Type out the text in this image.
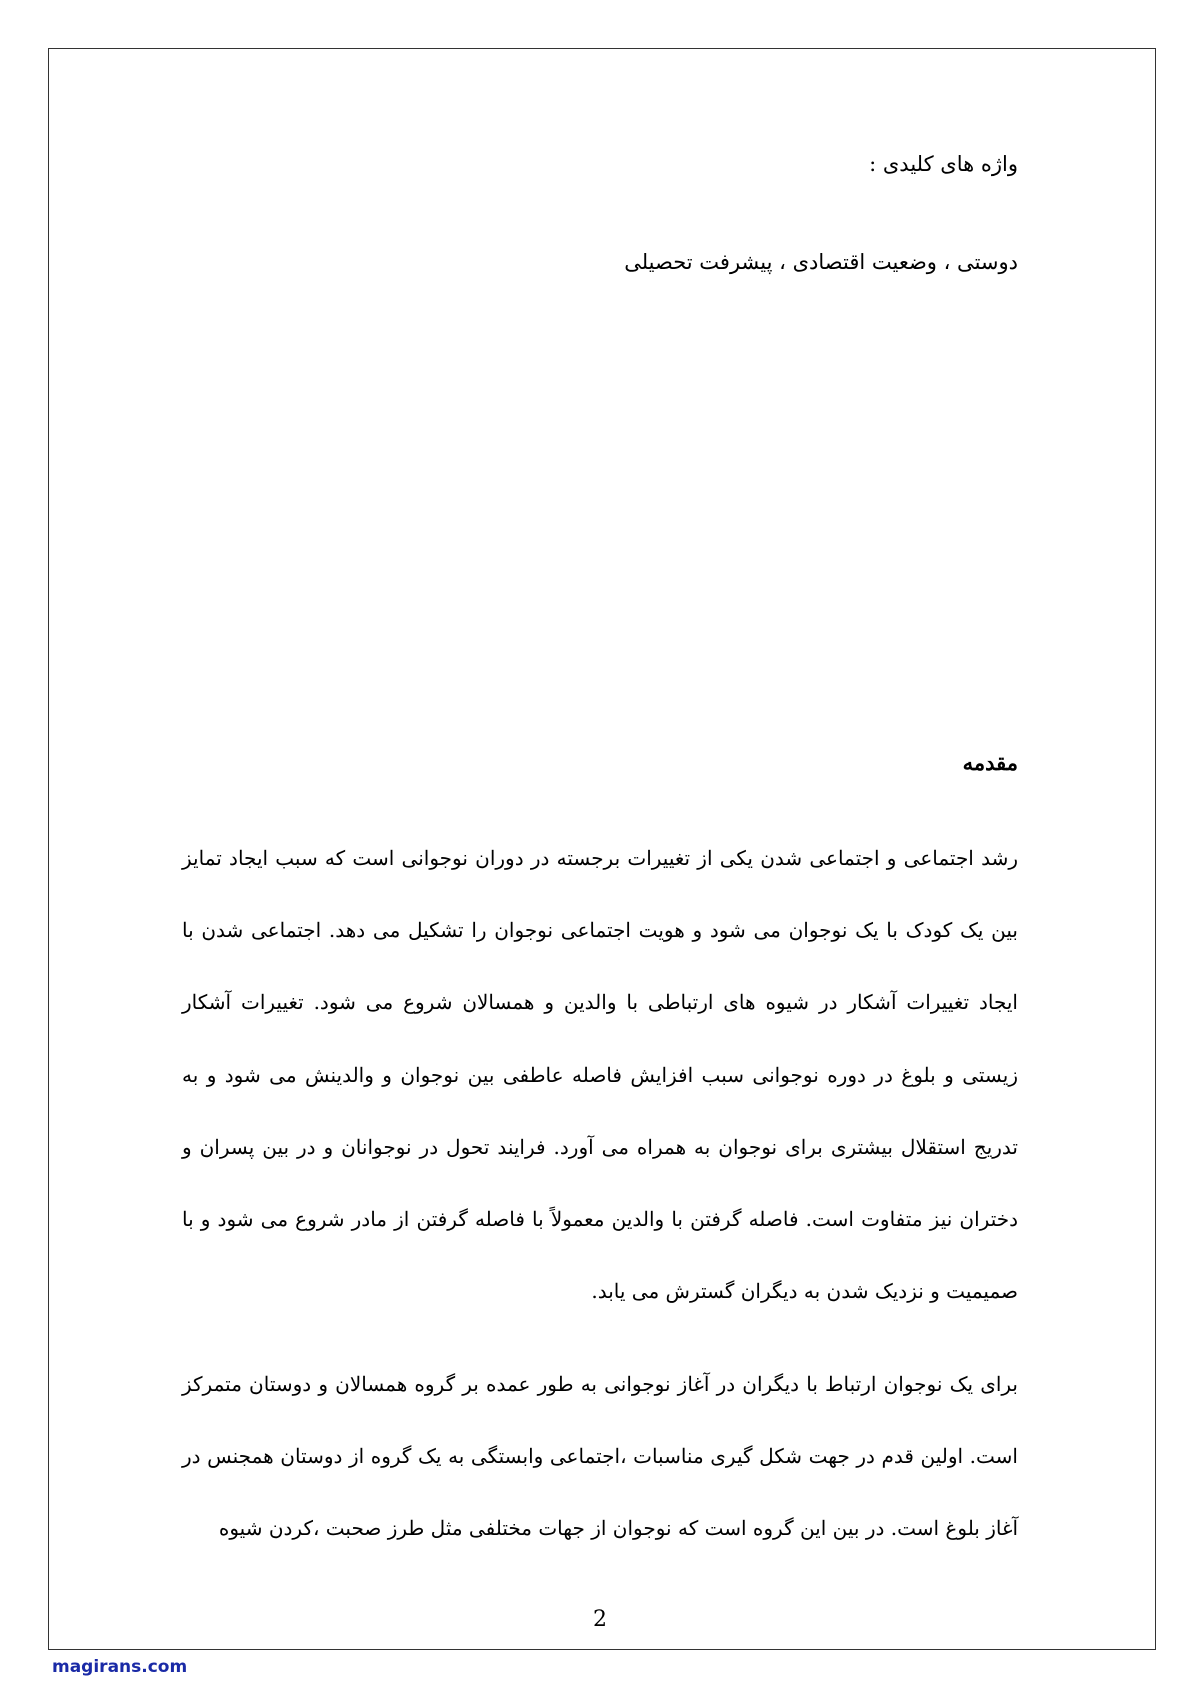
واژه های کلیدی :
دوستی ، وضعیت اقتصادی ، پیشرفت تحصیلی
مقدمه
رشد اجتماعی و اجتماعی شدن یکی از تغییرات برجسته در دوران نوجوانی است که سبب ایجاد تمایز بین یک کودک با یک نوجوان می شود و هویت اجتماعی نوجوان را تشکیل می دهد. اجتماعی شدن با ایجاد تغییرات آشکار در شیوه های ارتباطی با والدین و همسالان شروع می شود. تغییرات آشکار زیستی و بلوغ در دوره نوجوانی سبب افزایش فاصله عاطفی بین نوجوان و والدینش می شود و به تدریج استقلال بیشتری برای نوجوان به همراه می آورد. فرایند تحول در نوجوانان و در بین پسران و دختران نیز متفاوت است. فاصله گرفتن با والدین معمولاً با فاصله گرفتن از مادر شروع می شود و با صمیمیت و نزدیک شدن به دیگران گسترش می یابد.
برای یک نوجوان ارتباط با دیگران در آغاز نوجوانی به طور عمده بر گروه همسالان و دوستان متمرکز است. اولین قدم در جهت شکل گیری مناسبات ،اجتماعی وابستگی به یک گروه از دوستان همجنس در آغاز بلوغ است. در بین این گروه است که نوجوان از جهات مختلفی مثل طرز صحبت ،کردن شیوه
2
magirans.com
